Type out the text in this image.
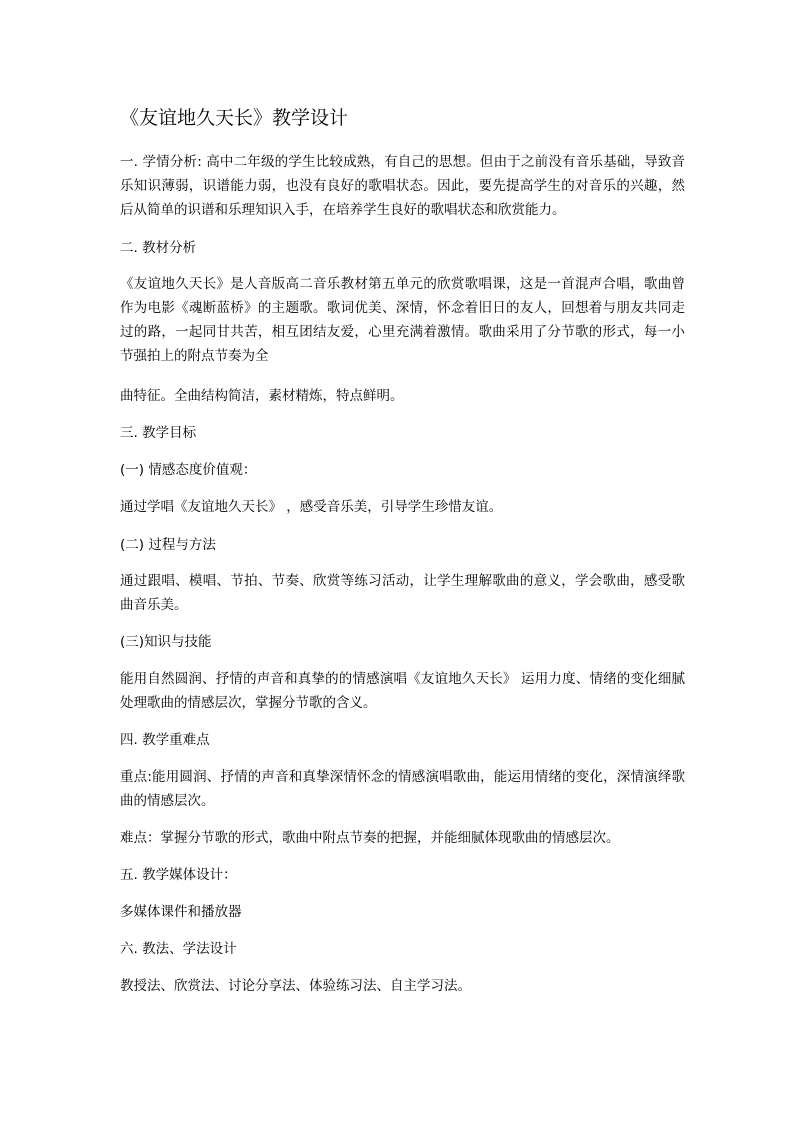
《友谊地久天长》教学设计

一. 学情分析: 高中二年级的学生比较成熟，有自己的思想。但由于之前没有音乐基础，导致音乐知识薄弱，识谱能力弱，也没有良好的歌唱状态。因此，要先提高学生的对音乐的兴趣，然后从简单的识谱和乐理知识入手，在培养学生良好的歌唱状态和欣赏能力。

二. 教材分析

《友谊地久天长》是人音版高二音乐教材第五单元的欣赏歌唱课，这是一首混声合唱，歌曲曾作为电影《魂断蓝桥》的主题歌。歌词优美、深情，怀念着旧日的友人，回想着与朋友共同走过的路，一起同甘共苦，相互团结友爱，心里充满着激情。歌曲采用了分节歌的形式，每一小节强拍上的附点节奏为全

曲特征。全曲结构简洁，素材精炼，特点鲜明。

三. 教学目标

(一) 情感态度价值观：

通过学唱《友谊地久天长》 ，感受音乐美，引导学生珍惜友谊。

(二) 过程与方法

通过跟唱、模唱、节拍、节奏、欣赏等练习活动，让学生理解歌曲的意义，学会歌曲，感受歌曲音乐美。

(三)知识与技能

能用自然圆润、抒情的声音和真挚的的情感演唱《友谊地久天长》 运用力度、情绪的变化细腻处理歌曲的情感层次，掌握分节歌的含义。

四. 教学重难点

重点:能用圆润、抒情的声音和真挚深情怀念的情感演唱歌曲，能运用情绪的变化，深情演绎歌曲的情感层次。

难点：掌握分节歌的形式，歌曲中附点节奏的把握，并能细腻体现歌曲的情感层次。

五. 教学媒体设计：

多媒体课件和播放器

六. 教法、学法设计

教授法、欣赏法、讨论分享法、体验练习法、自主学习法。
